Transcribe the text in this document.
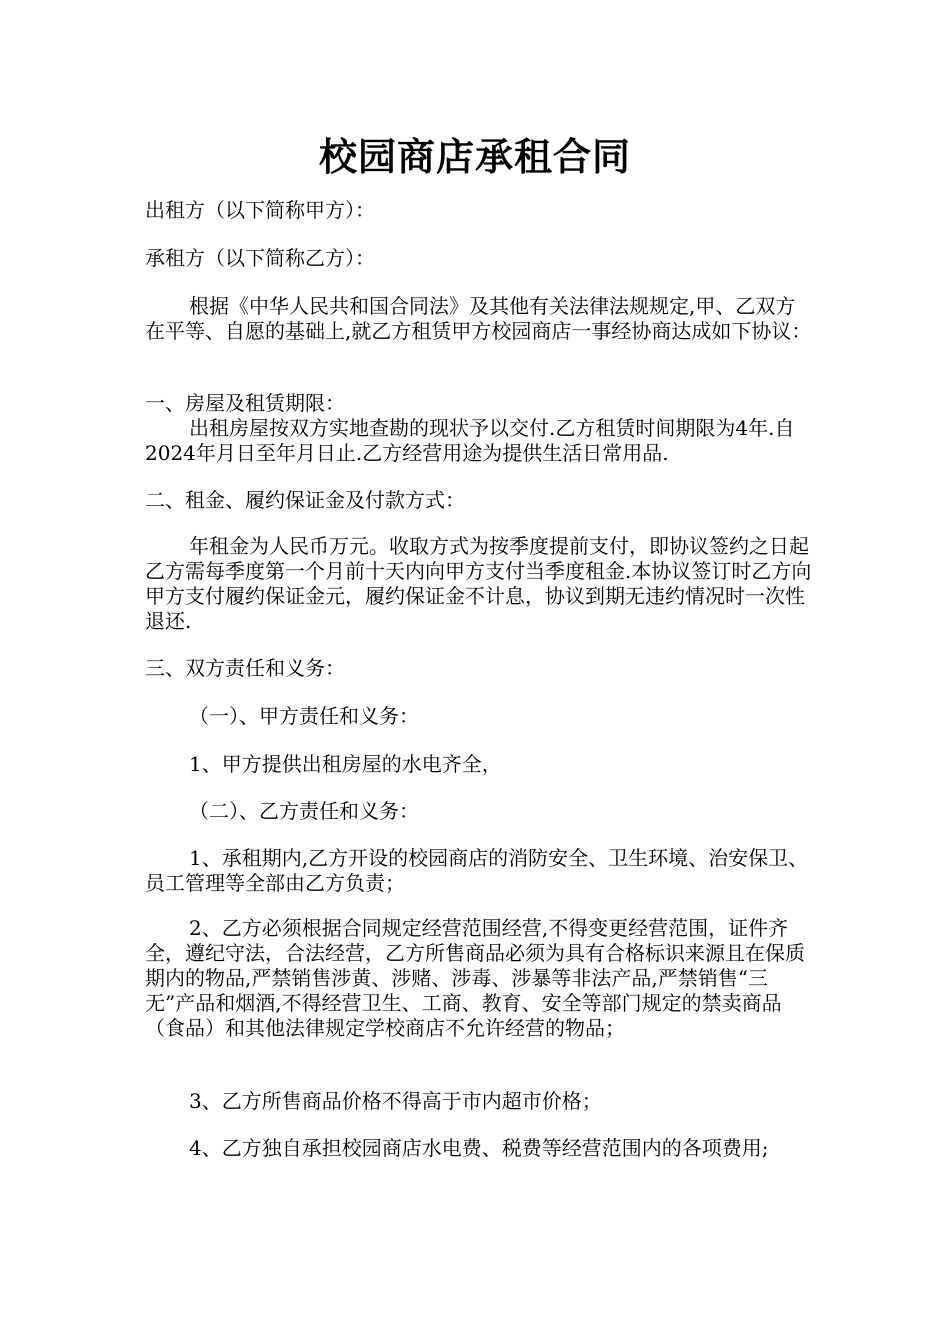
校园商店承租合同
出租方（以下简称甲方）：
承租方（以下简称乙方）：
根据《中华人民共和国合同法》及其他有关法律法规规定,甲、乙双方在平等、自愿的基础上,就乙方租赁甲方校园商店一事经协商达成如下协议：
一、房屋及租赁期限：
出租房屋按双方实地查勘的现状予以交付.乙方租赁时间期限为4年.自 2024年月日至年月日止.乙方经营用途为提供生活日常用品.
二、租金、履约保证金及付款方式：
年租金为人民币万元。收取方式为按季度提前支付，即协议签约之日起乙方需每季度第一个月前十天内向甲方支付当季度租金.本协议签订时乙方向甲方支付履约保证金元，履约保证金不计息，协议到期无违约情况时一次性退还.
三、双方责任和义务：
（一）、甲方责任和义务：
1、甲方提供出租房屋的水电齐全，
（二）、乙方责任和义务：
1、承租期内,乙方开设的校园商店的消防安全、卫生环境、治安保卫、员工管理等全部由乙方负责；
2、乙方必须根据合同规定经营范围经营,不得变更经营范围，证件齐全，遵纪守法，合法经营，乙方所售商品必须为具有合格标识来源且在保质期内的物品,严禁销售涉黄、涉赌、涉毒、涉暴等非法产品,严禁销售“三无”产品和烟酒,不得经营卫生、工商、教育、安全等部门规定的禁卖商品（食品）和其他法律规定学校商店不允许经营的物品；
3、乙方所售商品价格不得高于市内超市价格；
4、乙方独自承担校园商店水电费、税费等经营范围内的各项费用;
